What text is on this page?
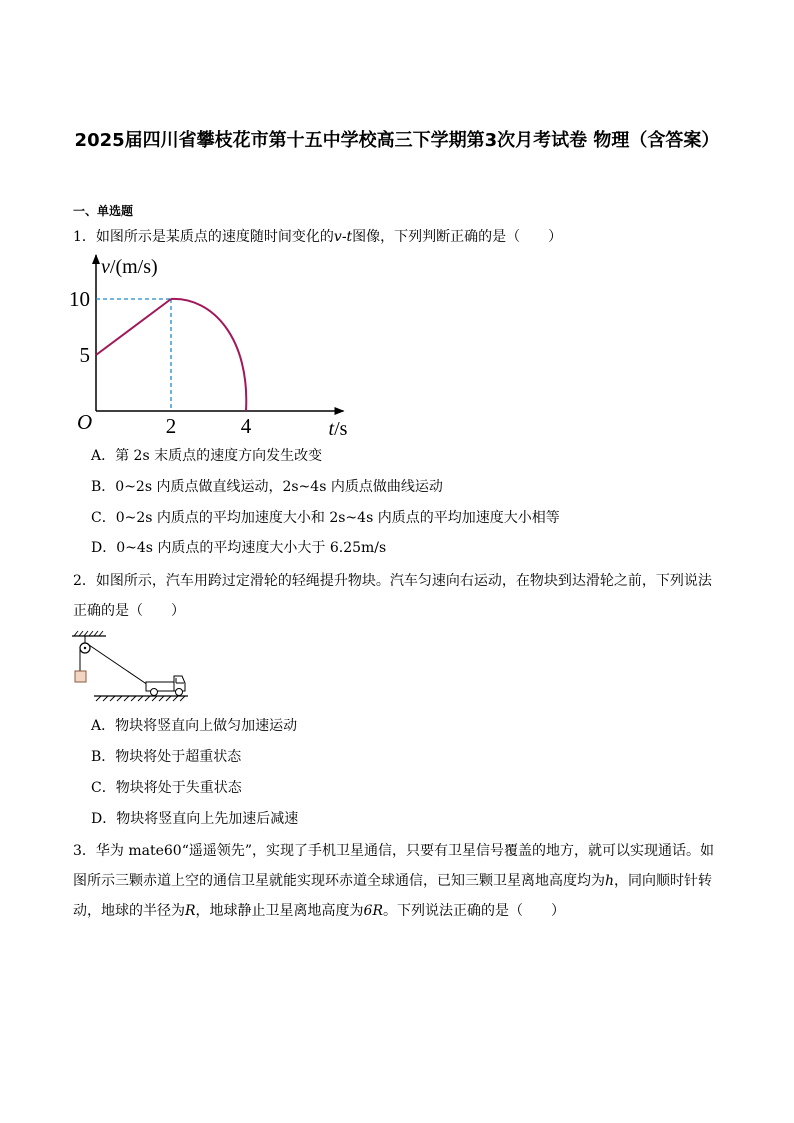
2025届四川省攀枝花市第十五中学校高三下学期第3次月考试卷 物理（含答案）
一、单选题
1．如图所示是某质点的速度随时间变化的v-t图像，下列判断正确的是（　　）
10
5
2	4
O
v/(m/s)
t/s
A．第 2s 末质点的速度方向发生改变
B．0~2s 内质点做直线运动，2s~4s 内质点做曲线运动
C．0~2s 内质点的平均加速度大小和 2s~4s 内质点的平均加速度大小相等
D．0~4s 内质点的平均速度大小大于 6.25m/s
2．如图所示，汽车用跨过定滑轮的轻绳提升物块。汽车匀速向右运动，在物块到达滑轮之前，下列说法正确的是（　　）
A．物块将竖直向上做匀加速运动
B．物块将处于超重状态
C．物块将处于失重状态
D．物块将竖直向上先加速后减速
3．华为 mate60“遥遥领先”，实现了手机卫星通信，只要有卫星信号覆盖的地方，就可以实现通话。如图所示三颗赤道上空的通信卫星就能实现环赤道全球通信，已知三颗卫星离地高度均为h，同向顺时针转动，地球的半径为R，地球静止卫星离地高度为6R。下列说法正确的是（　　）
